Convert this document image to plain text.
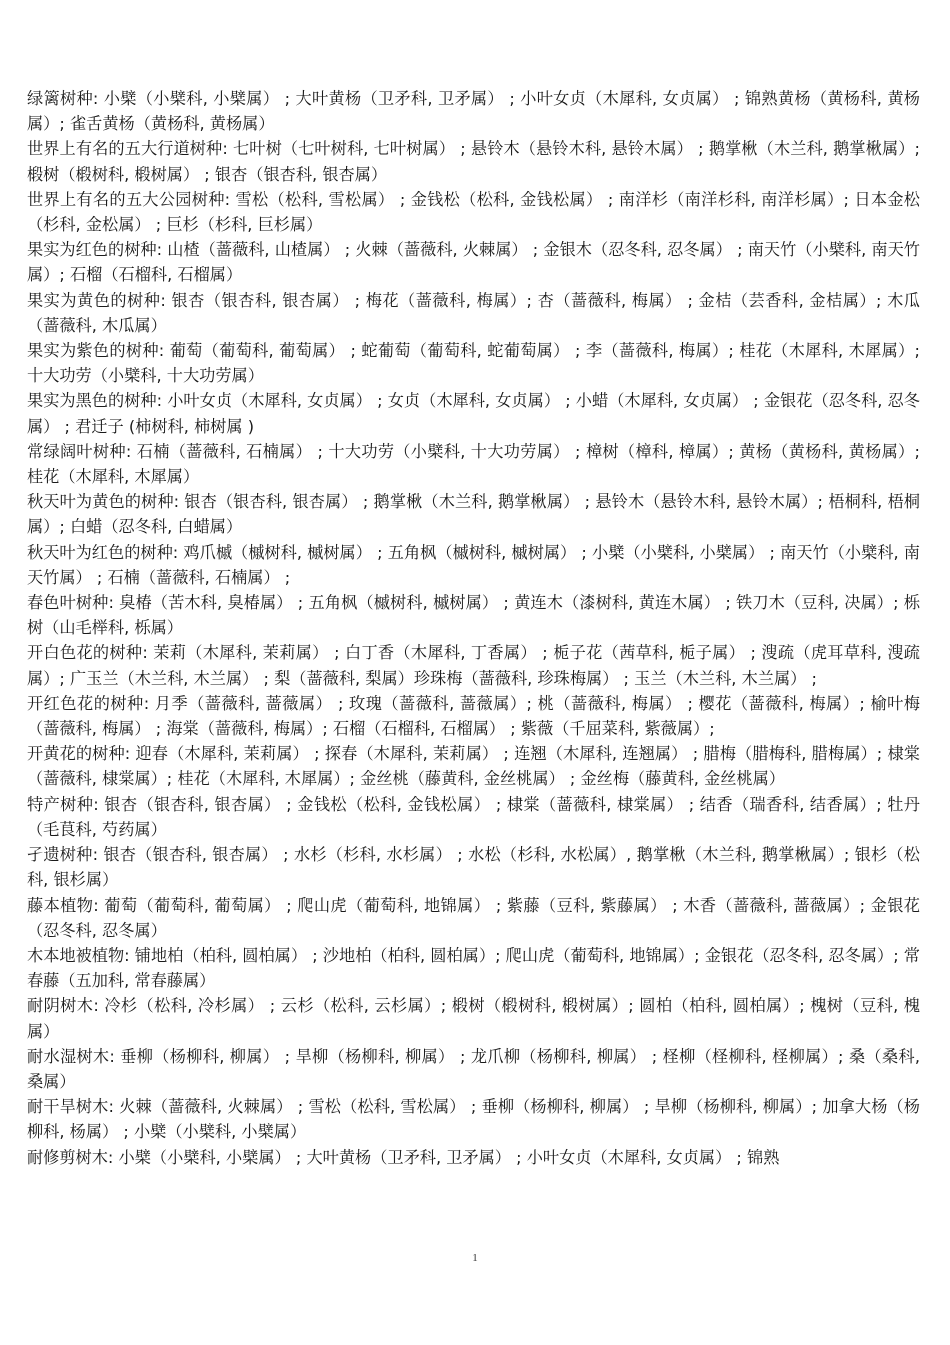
绿篱树种: 小檗（小檗科, 小檗属） ; 大叶黄杨（卫矛科, 卫矛属） ; 小叶女贞（木犀科, 女贞属） ; 锦熟黄杨（黄杨科, 黄杨属）; 雀舌黄杨（黄杨科, 黄杨属）

世界上有名的五大行道树种: 七叶树（七叶树科, 七叶树属） ; 悬铃木（悬铃木科, 悬铃木属） ; 鹅掌楸（木兰科, 鹅掌楸属）; 椴树（椴树科, 椴树属） ; 银杏（银杏科, 银杏属）

世界上有名的五大公园树种: 雪松（松科, 雪松属） ; 金钱松（松科, 金钱松属） ; 南洋杉（南洋杉科, 南洋杉属）; 日本金松（杉科, 金松属） ; 巨杉（杉科, 巨杉属）

果实为红色的树种: 山楂（蔷薇科, 山楂属） ; 火棘（蔷薇科, 火棘属） ; 金银木（忍冬科, 忍冬属） ; 南天竹（小檗科, 南天竹属）; 石榴（石榴科, 石榴属）

果实为黄色的树种: 银杏（银杏科, 银杏属） ; 梅花（蔷薇科, 梅属）; 杏（蔷薇科, 梅属） ; 金桔（芸香科, 金桔属）; 木瓜（蔷薇科, 木瓜属）

果实为紫色的树种: 葡萄（葡萄科, 葡萄属） ; 蛇葡萄（葡萄科, 蛇葡萄属） ; 李（蔷薇科, 梅属）; 桂花（木犀科, 木犀属）; 十大功劳（小檗科, 十大功劳属）

果实为黑色的树种: 小叶女贞（木犀科, 女贞属） ; 女贞（木犀科, 女贞属） ; 小蜡（木犀科, 女贞属） ; 金银花（忍冬科, 忍冬属） ; 君迁子 (柿树科, 柿树属 )

常绿阔叶树种: 石楠（蔷薇科, 石楠属） ; 十大功劳（小檗科, 十大功劳属） ; 樟树（樟科, 樟属）; 黄杨（黄杨科, 黄杨属）; 桂花（木犀科, 木犀属）

秋天叶为黄色的树种: 银杏（银杏科, 银杏属） ; 鹅掌楸（木兰科, 鹅掌楸属） ; 悬铃木（悬铃木科, 悬铃木属）; 梧桐科, 梧桐属）; 白蜡（忍冬科, 白蜡属）

秋天叶为红色的树种: 鸡爪槭（槭树科, 槭树属） ; 五角枫（槭树科, 槭树属） ; 小檗（小檗科, 小檗属） ; 南天竹（小檗科, 南天竹属） ; 石楠（蔷薇科, 石楠属） ;

春色叶树种: 臭椿（苦木科, 臭椿属） ; 五角枫（槭树科, 槭树属） ; 黄连木（漆树科, 黄连木属） ; 铁刀木（豆科, 决属）; 栎树（山毛榉科, 栎属）

开白色花的树种: 茉莉（木犀科, 茉莉属） ; 白丁香（木犀科, 丁香属） ; 栀子花（茜草科, 栀子属） ; 溲疏（虎耳草科, 溲疏属）; 广玉兰（木兰科, 木兰属） ; 梨（蔷薇科, 梨属）珍珠梅（蔷薇科, 珍珠梅属） ; 玉兰（木兰科, 木兰属） ;

开红色花的树种: 月季（蔷薇科, 蔷薇属） ; 玫瑰（蔷薇科, 蔷薇属）; 桃（蔷薇科, 梅属） ; 樱花（蔷薇科, 梅属）; 榆叶梅（蔷薇科, 梅属） ; 海棠（蔷薇科, 梅属）; 石榴（石榴科, 石榴属） ; 紫薇（千屈菜科, 紫薇属）;

开黄花的树种: 迎春（木犀科, 茉莉属） ; 探春（木犀科, 茉莉属） ; 连翘（木犀科, 连翘属） ; 腊梅（腊梅科, 腊梅属）; 棣棠（蔷薇科, 棣棠属）; 桂花（木犀科, 木犀属）; 金丝桃（藤黄科, 金丝桃属） ; 金丝梅（藤黄科, 金丝桃属）

特产树种: 银杏（银杏科, 银杏属） ; 金钱松（松科, 金钱松属） ; 棣棠（蔷薇科, 棣棠属） ; 结香（瑞香科, 结香属）; 牡丹（毛茛科, 芍药属）

孑遗树种: 银杏（银杏科, 银杏属） ; 水杉（杉科, 水杉属） ; 水松（杉科, 水松属）, 鹅掌楸（木兰科, 鹅掌楸属）; 银杉（松科, 银杉属）

藤本植物: 葡萄（葡萄科, 葡萄属） ; 爬山虎（葡萄科, 地锦属） ; 紫藤（豆科, 紫藤属） ; 木香（蔷薇科, 蔷薇属）; 金银花（忍冬科, 忍冬属）

木本地被植物: 铺地柏（柏科, 圆柏属） ; 沙地柏（柏科, 圆柏属）; 爬山虎（葡萄科, 地锦属）; 金银花（忍冬科, 忍冬属）; 常春藤（五加科, 常春藤属）

耐阴树木: 冷杉（松科, 冷杉属） ; 云杉（松科, 云杉属）; 椴树（椴树科, 椴树属）; 圆柏（柏科, 圆柏属）; 槐树（豆科, 槐属）

耐水湿树木: 垂柳（杨柳科, 柳属） ; 旱柳（杨柳科, 柳属） ; 龙爪柳（杨柳科, 柳属） ; 柽柳（柽柳科, 柽柳属）; 桑（桑科, 桑属）

耐干旱树木: 火棘（蔷薇科, 火棘属） ; 雪松（松科, 雪松属） ; 垂柳（杨柳科, 柳属） ; 旱柳（杨柳科, 柳属）; 加拿大杨（杨柳科, 杨属） ; 小檗（小檗科, 小檗属）

耐修剪树木: 小檗（小檗科, 小檗属） ; 大叶黄杨（卫矛科, 卫矛属） ; 小叶女贞（木犀科, 女贞属） ; 锦熟

1
